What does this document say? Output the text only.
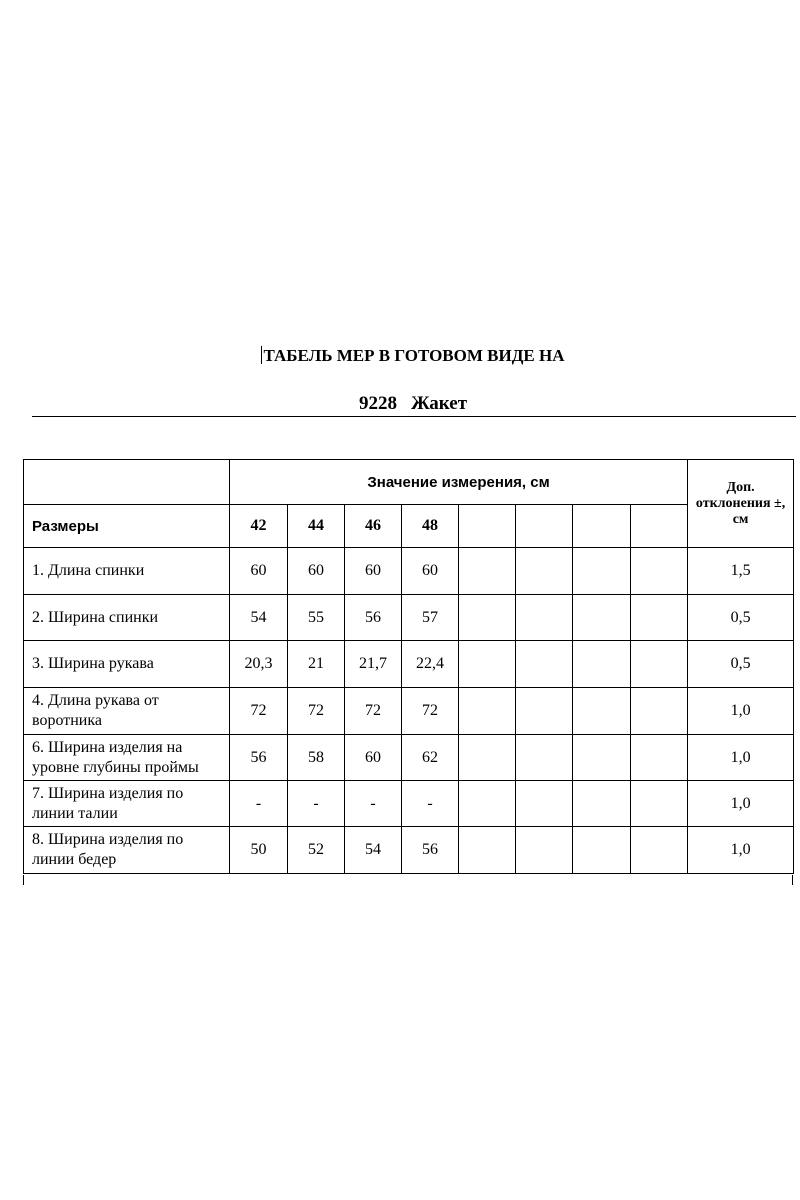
ТАБЕЛЬ МЕР В ГОТОВОМ ВИДЕ НА
9228 Жакет
	Значение измерения, см								Доп. отклонения ±, см
Размеры	42	44	46	48					
1. Длина спинки	60	60	60	60					1,5
2. Ширина спинки	54	55	56	57					0,5
3. Ширина рукава	20,3	21	21,7	22,4					0,5
4. Длина рукава от воротника	72	72	72	72					1,0
6. Ширина изделия на уровне глубины проймы	56	58	60	62					1,0
7. Ширина изделия по линии талии	-	-	-	-					1,0
8. Ширина изделия по линии бедер	50	52	54	56					1,0
